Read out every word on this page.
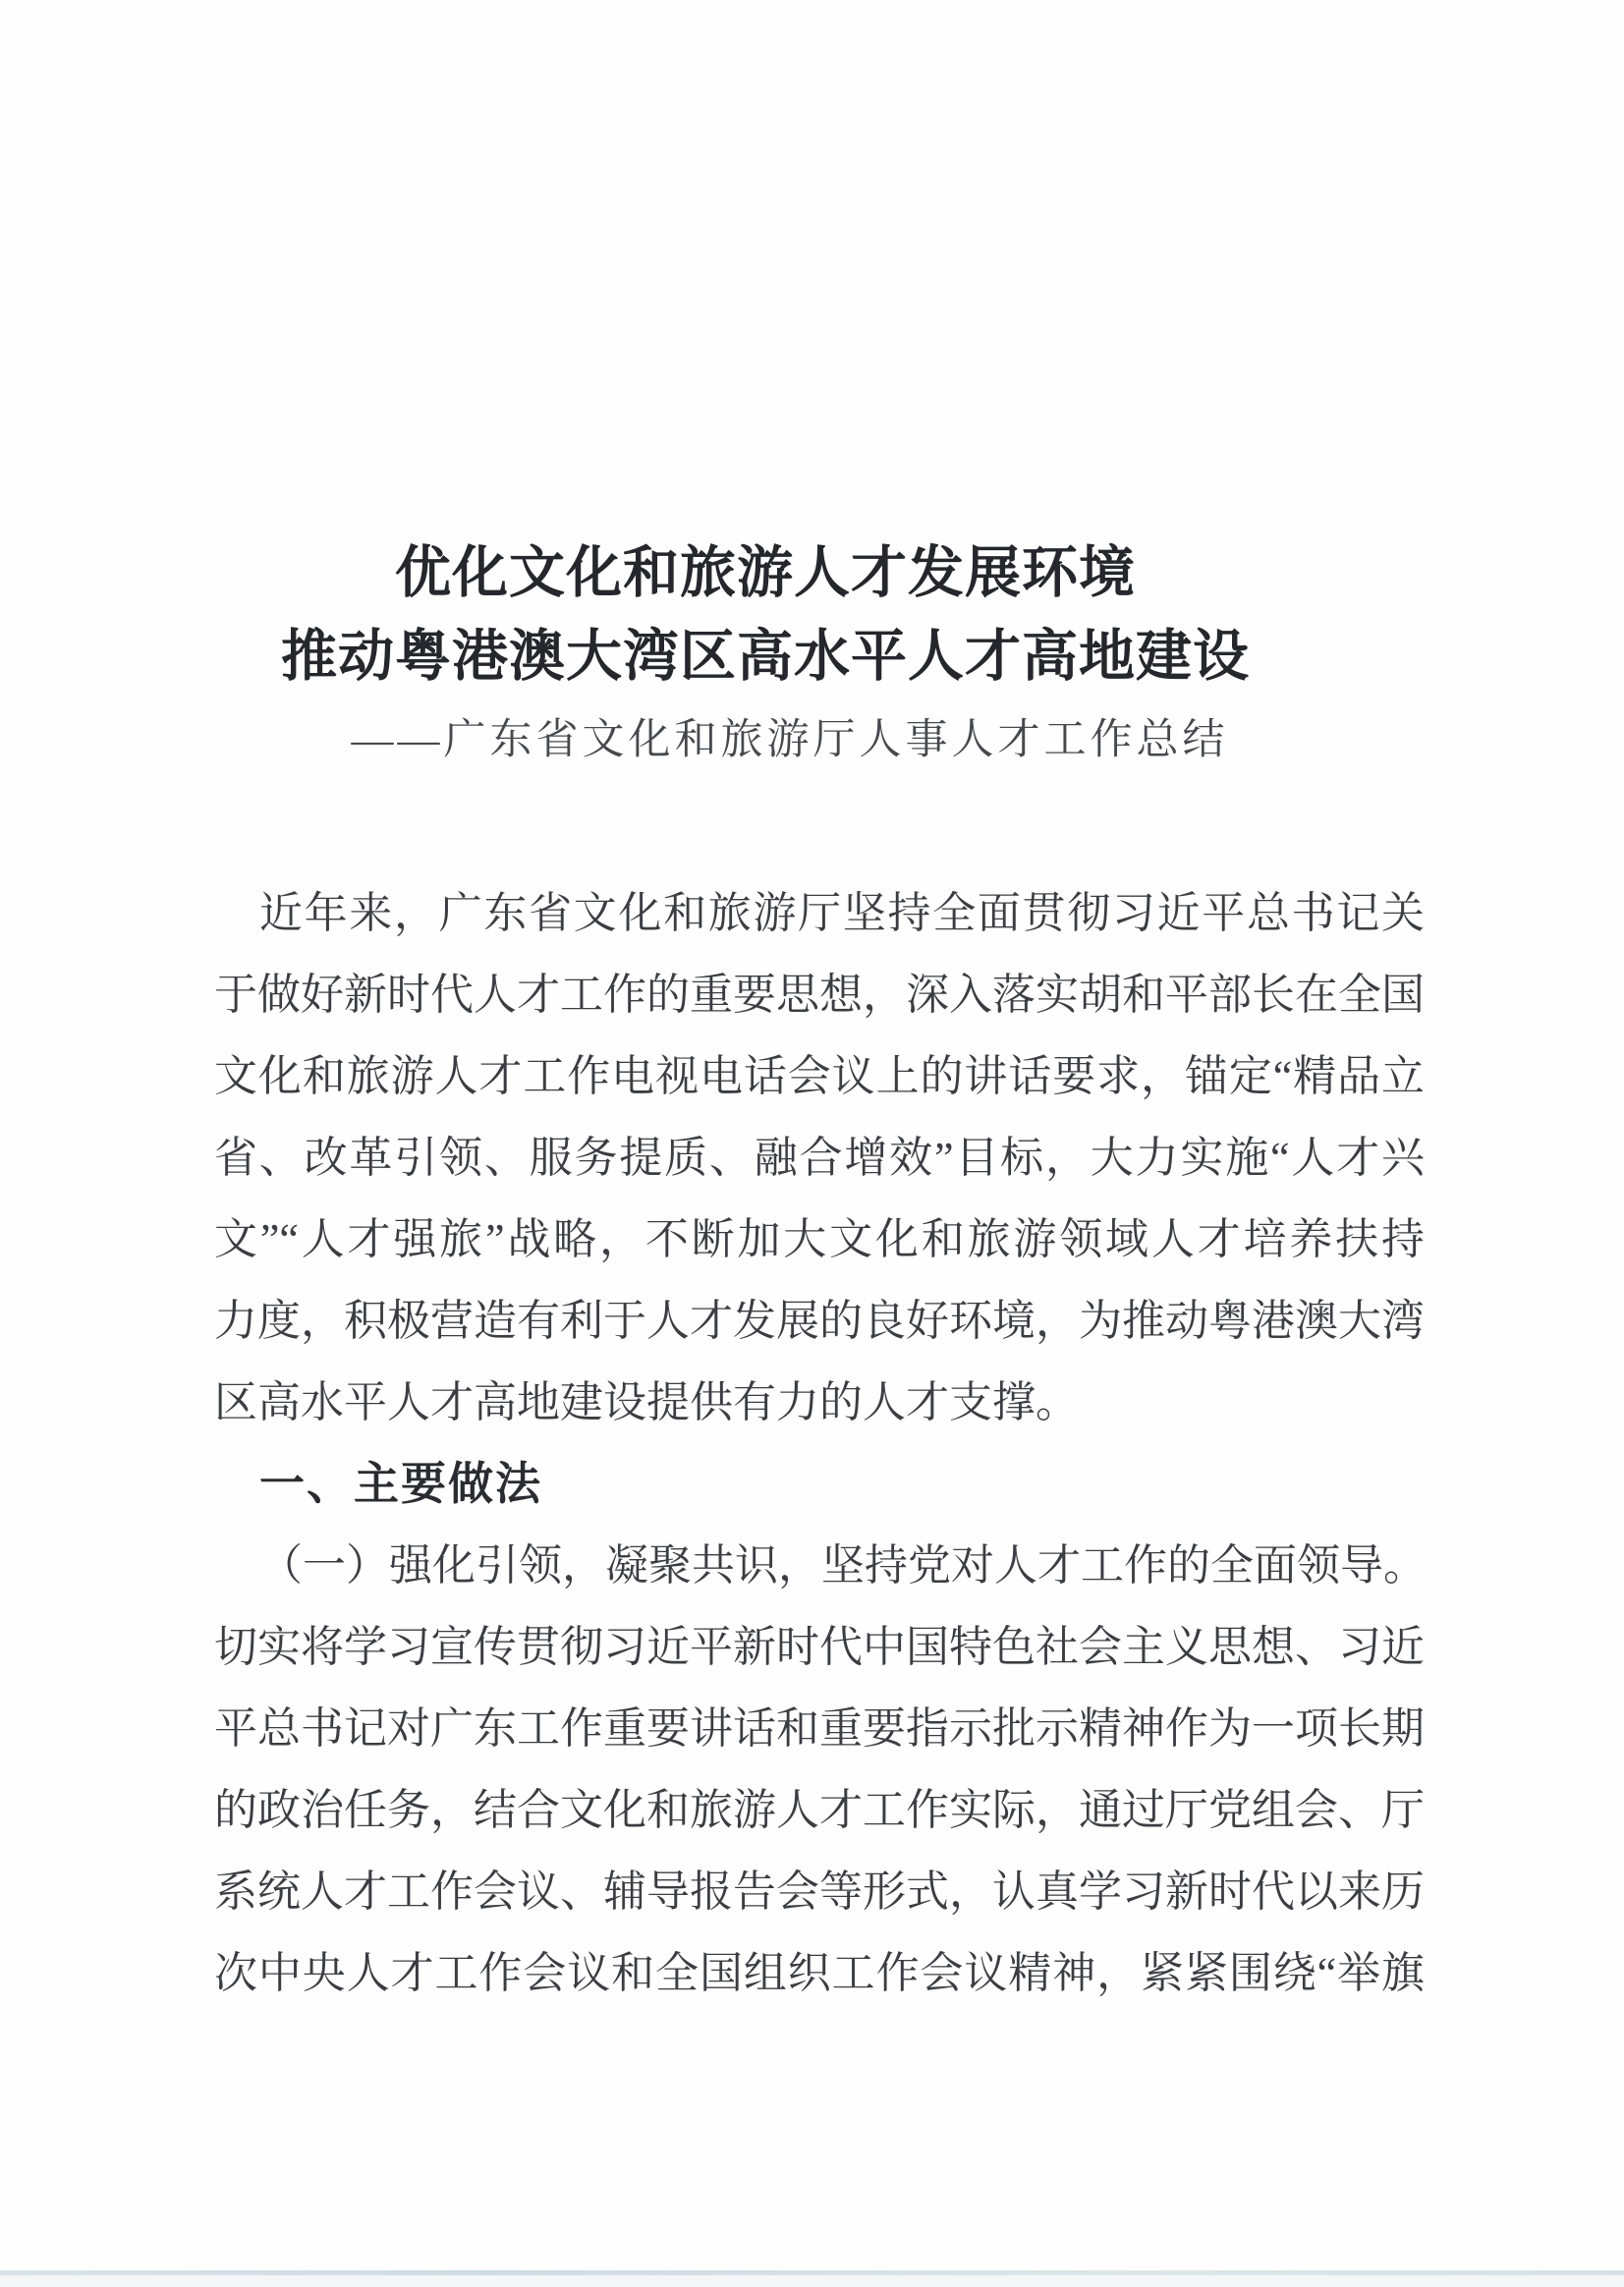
优化文化和旅游人才发展环境
推动粤港澳大湾区高水平人才高地建设
——广东省文化和旅游厅人事人才工作总结
近年来，广东省文化和旅游厅坚持全面贯彻习近平总书记关
于做好新时代人才工作的重要思想，深入落实胡和平部长在全国
文化和旅游人才工作电视电话会议上的讲话要求，锚定“精品立
省、改革引领、服务提质、融合增效”目标，大力实施“人才兴
文”“人才强旅”战略，不断加大文化和旅游领域人才培养扶持
力度，积极营造有利于人才发展的良好环境，为推动粤港澳大湾
区高水平人才高地建设提供有力的人才支撑。
一、主要做法
（一）强化引领，凝聚共识，坚持党对人才工作的全面领导。
切实将学习宣传贯彻习近平新时代中国特色社会主义思想、习近
平总书记对广东工作重要讲话和重要指示批示精神作为一项长期
的政治任务，结合文化和旅游人才工作实际，通过厅党组会、厅
系统人才工作会议、辅导报告会等形式，认真学习新时代以来历
次中央人才工作会议和全国组织工作会议精神，紧紧围绕“举旗
